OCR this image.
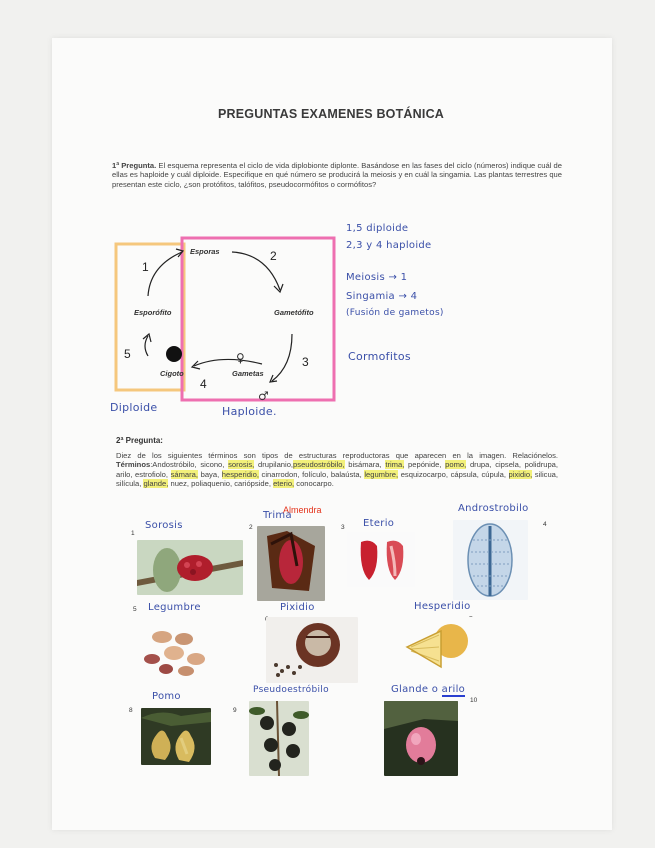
PREGUNTAS EXAMENES BOTÁNICA
1ª Pregunta. El esquema representa el ciclo de vida diplobionte diplonte. Basándose en las fases del ciclo (números) indique cuál de ellas es haploide y cuál diploide. Especifique en qué número se producirá la meiosis y en cuál la singamia. Las plantas terrestres que presentan este ciclo, ¿son protófitos, talófitos, pseudocormófitos o cormófitos?
Esporas
Esporófito	Gametófito
Gametas
Cigoto
1
2
3
4
5	♀
♂
Diploide	Haploide.
1,5 diploide
2,3 y 4 haploide
Meiosis → 1
Singamia → 4
(Fusión de gametos)
Cormofitos
2ª Pregunta:
Diez de los siguientes términos son tipos de estructuras reproductoras que aparecen en la imagen. Relaciónelos. Términos:Andostróbilo, sicono, sorosis, drupilanio,pseudostróbilo, bisámara, trima, pepónide, pomo, drupa, cipsela, polidrupa, arilo, estrofiolo, sámara, baya, hesperidio, cinarrodon, folículo, balaústa, legumbre, esquizocarpo, cápsula, cúpula, pixidio, silicua, silícula, glande, nuez, poliaquenio, cariópside, eterio, conocarpo.
Almendra
Sorosis
Trima
Eterio
Androstrobilo
Legumbre	Pixidio	Hesperidio
Pomo
Pseudoestróbilo	Glande o arilo
1
2	3	4
5
8	9
10
